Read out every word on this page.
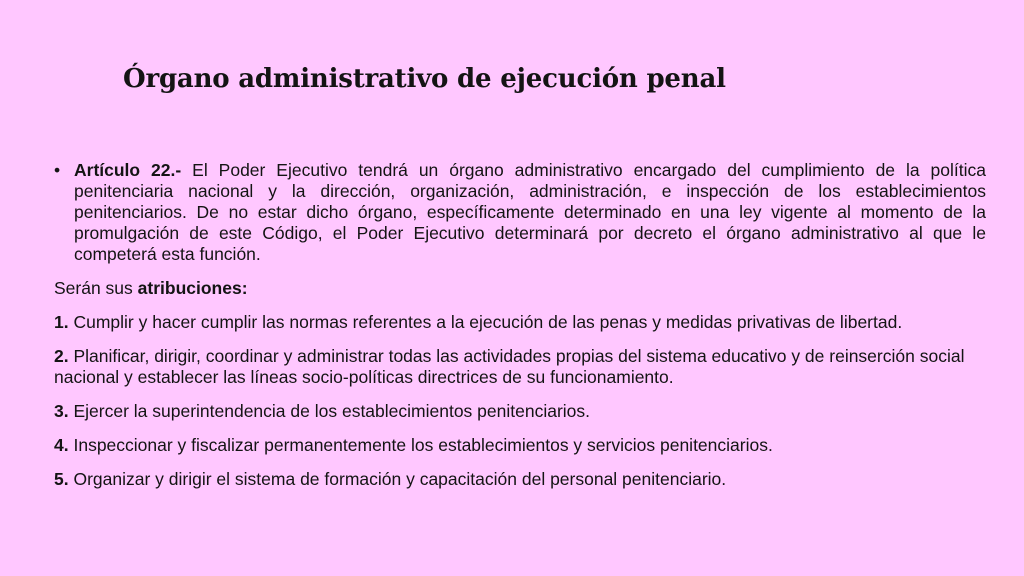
Órgano administrativo de ejecución penal
• Artículo 22.- El Poder Ejecutivo tendrá un órgano administrativo encargado del cumplimiento de la política penitenciaria nacional y la dirección, organización, administración, e inspección de los establecimientos penitenciarios. De no estar dicho órgano, específicamente determinado en una ley vigente al momento de la promulgación de este Código, el Poder Ejecutivo determinará por decreto el órgano administrativo al que le competerá esta función.
Serán sus atribuciones:
1. Cumplir y hacer cumplir las normas referentes a la ejecución de las penas y medidas privativas de libertad.
2. Planificar, dirigir, coordinar y administrar todas las actividades propias del sistema educativo y de reinserción social nacional y establecer las líneas socio-políticas directrices de su funcionamiento.
3. Ejercer la superintendencia de los establecimientos penitenciarios.
4. Inspeccionar y fiscalizar permanentemente los establecimientos y servicios penitenciarios.
5. Organizar y dirigir el sistema de formación y capacitación del personal penitenciario.
